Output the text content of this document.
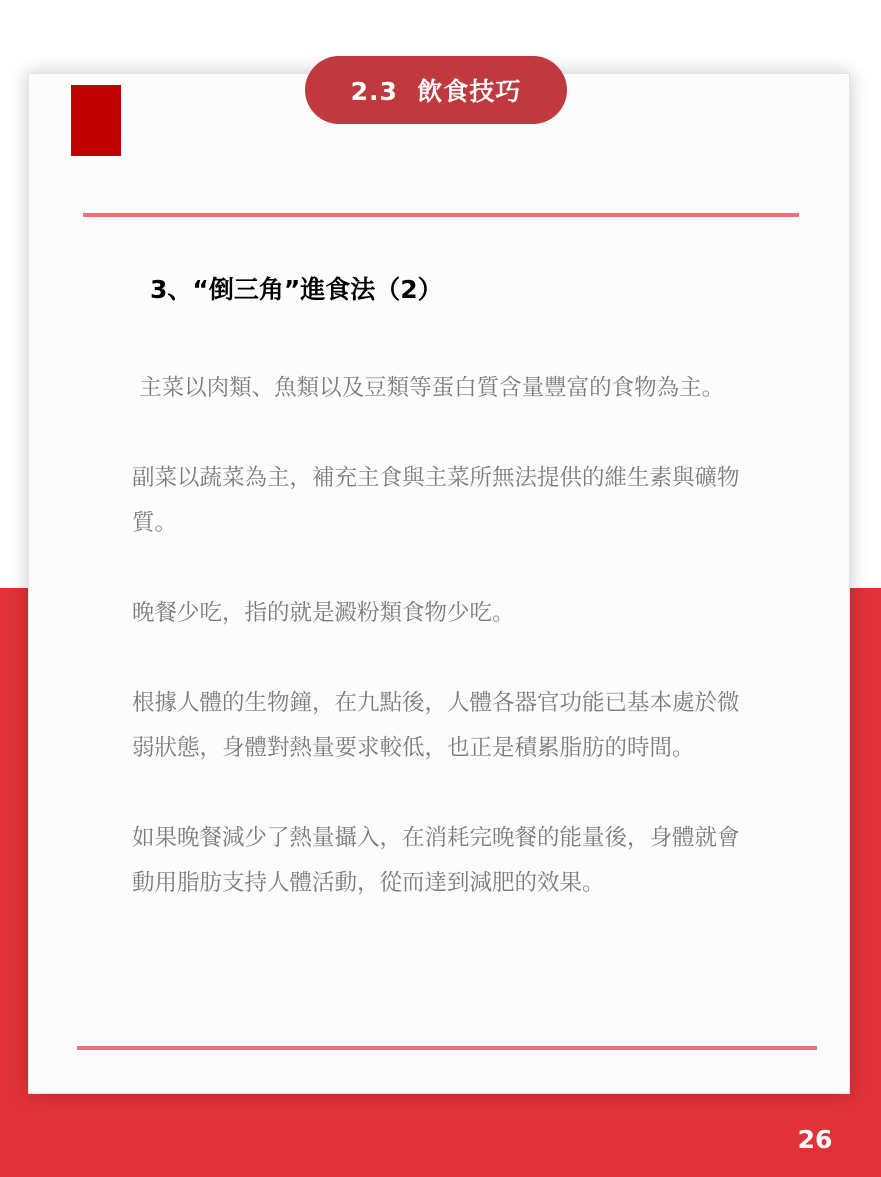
2.3  飲食技巧
3、“倒三角”進食法（2）

主菜以肉類、魚類以及豆類等蛋白質含量豐富的食物為主。

副菜以蔬菜為主，補充主食與主菜所無法提供的維生素與礦物質。

晚餐少吃，指的就是澱粉類食物少吃。

根據人體的生物鐘，在九點後，人體各器官功能已基本處於微弱狀態，身體對熱量要求較低，也正是積累脂肪的時間。

如果晚餐減少了熱量攝入，在消耗完晚餐的能量後，身體就會動用脂肪支持人體活動，從而達到減肥的效果。

26
